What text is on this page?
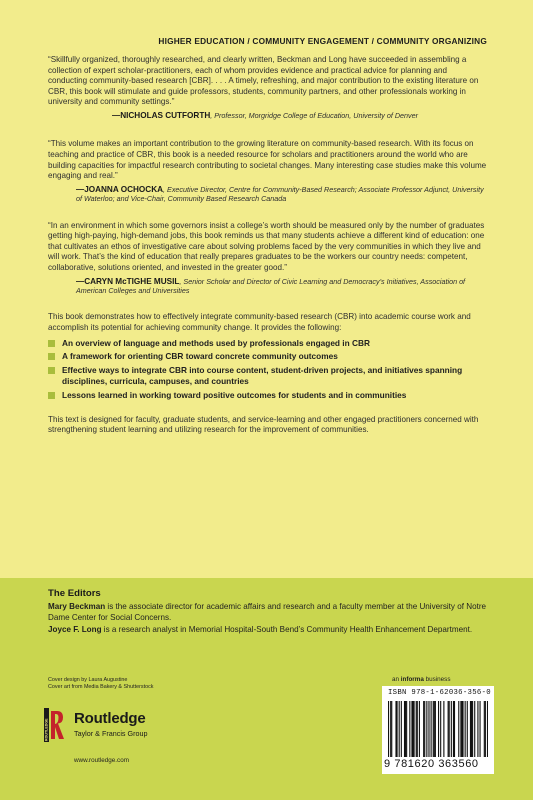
HIGHER EDUCATION / COMMUNITY ENGAGEMENT / COMMUNITY ORGANIZING

“Skillfully organized, thoroughly researched, and clearly written, Beckman and Long have succeeded in assembling a collection of expert scholar-practitioners, each of whom provides evidence and practical advice for planning and conducting community-based research [CBR]. . . . A timely, refreshing, and major contribution to the existing literature on CBR, this book will stimulate and guide professors, students, community partners, and other professionals working in university and community settings.”

—NICHOLAS CUTFORTH, Professor, Morgridge College of Education, University of Denver

“This volume makes an important contribution to the growing literature on community-based research. With its focus on teaching and practice of CBR, this book is a needed resource for scholars and practitioners around the world who are building capacities for impactful research contributing to societal changes. Many interesting case studies make this volume engaging and real.”

—JOANNA OCHOCKA, Executive Director, Centre for Community-Based Research; Associate Professor Adjunct, University of Waterloo; and Vice-Chair, Community Based Research Canada

“In an environment in which some governors insist a college’s worth should be measured only by the number of graduates getting high-paying, high-demand jobs, this book reminds us that many students achieve a different kind of education: one that cultivates an ethos of investigative care about solving problems faced by the very communities in which they live and will work. That’s the kind of education that really prepares graduates to be the workers our country needs: competent, collaborative, solutions oriented, and invested in the greater good.”

—CARYN McTIGHE MUSIL, Senior Scholar and Director of Civic Learning and Democracy’s Initiatives, Association of American Colleges and Universities

This book demonstrates how to effectively integrate community-based research (CBR) into academic course work and accomplish its potential for achieving community change. It provides the following:

An overview of language and methods used by professionals engaged in CBR
A framework for orienting CBR toward concrete community outcomes
Effective ways to integrate CBR into course content, student-driven projects, and initiatives spanning disciplines, curricula, campuses, and countries
Lessons learned in working toward positive outcomes for students and in communities

This text is designed for faculty, graduate students, and service-learning and other engaged practitioners concerned with strengthening student learning and utilizing research for the improvement of communities.

The Editors

Mary Beckman is the associate director for academic affairs and research and a faculty member at the University of Notre Dame Center for Social Concerns.

Joyce F. Long is a research analyst in Memorial Hospital-South Bend’s Community Health Enhancement Department.

Cover design by Laura Augustine
Cover art from Media Bakery & Shutterstock
ROUTLEDGE Routledge
Taylor & Francis Group
www.routledge.com
an informa business
ISBN 978-1-62036-356-0
9 781620 363560
